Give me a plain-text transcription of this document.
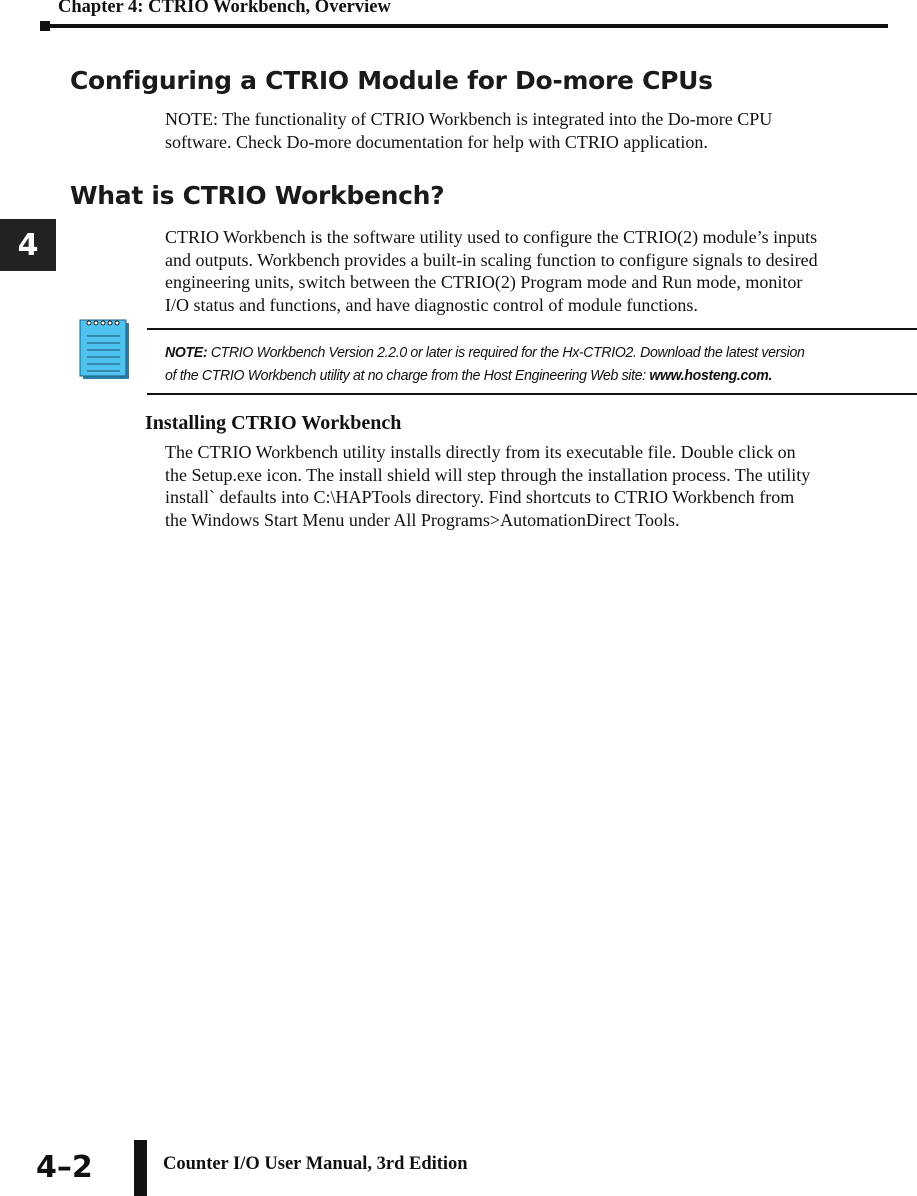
Chapter 4: CTRIO Workbench, Overview
4
Configuring a CTRIO Module for Do-more CPUs

NOTE: The functionality of CTRIO Workbench is integrated into the Do-more CPU

software. Check Do-more documentation for help with CTRIO application.

What is CTRIO Workbench?

CTRIO Workbench is the software utility used to configure the CTRIO(2) module’s inputs

and outputs. Workbench provides a built-in scaling function to configure signals to desired

engineering units, switch between the CTRIO(2) Program mode and Run mode, monitor

I/O status and functions, and have diagnostic control of module functions.

NOTE: CTRIO Workbench Version 2.2.0 or later is required for the Hx-CTRIO2. Download the latest version
of the CTRIO Workbench utility at no charge from the Host Engineering Web site: www.hosteng.com.
Installing CTRIO Workbench

The CTRIO Workbench utility installs directly from its executable file. Double click on

the Setup.exe icon. The install shield will step through the installation process. The utility

install` defaults into C:\HAPTools directory. Find shortcuts to CTRIO Workbench from

the Windows Start Menu under All Programs>AutomationDirect Tools.

4–2	Counter I/O User Manual, 3rd Edition
